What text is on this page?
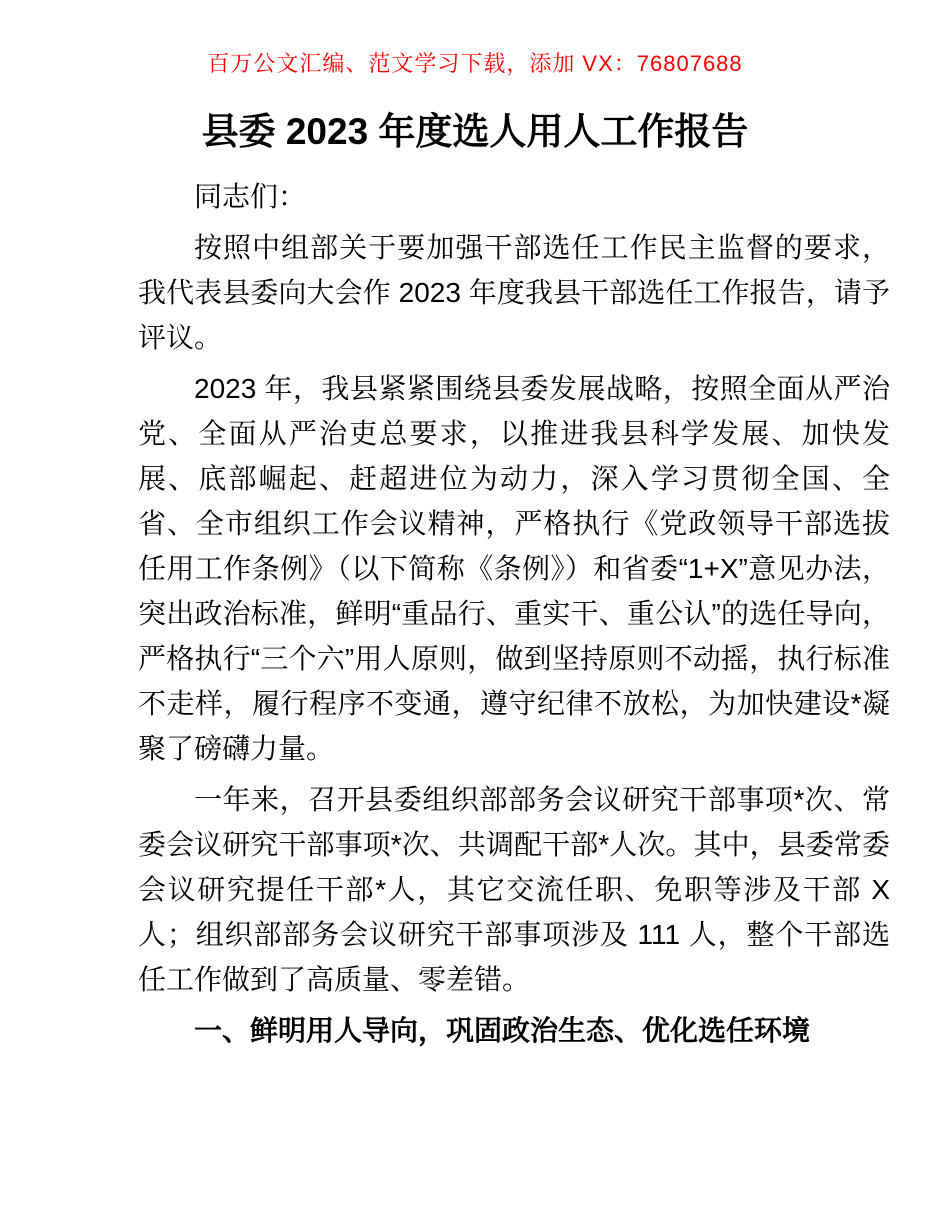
百万公文汇编、范文学习下载，添加 VX：76807688
县委 2023 年度选人用人工作报告

同志们：

按照中组部关于要加强干部选任工作民主监督的要求，我代表县委向大会作 2023 年度我县干部选任工作报告，请予评议。

2023 年，我县紧紧围绕县委发展战略，按照全面从严治党、全面从严治吏总要求，以推进我县科学发展、加快发展、底部崛起、赶超进位为动力，深入学习贯彻全国、全省、全市组织工作会议精神，严格执行《党政领导干部选拔任用工作条例》（以下简称《条例》）和省委“1+X”意见办法，突出政治标准，鲜明“重品行、重实干、重公认”的选任导向，严格执行“三个六”用人原则，做到坚持原则不动摇，执行标准不走样，履行程序不变通，遵守纪律不放松，为加快建设*凝聚了磅礴力量。

一年来，召开县委组织部部务会议研究干部事项*次、常委会议研究干部事项*次、共调配干部*人次。其中，县委常委会议研究提任干部*人，其它交流任职、免职等涉及干部 X 人；组织部部务会议研究干部事项涉及 111 人，整个干部选任工作做到了高质量、零差错。

一、鲜明用人导向，巩固政治生态、优化选任环境
